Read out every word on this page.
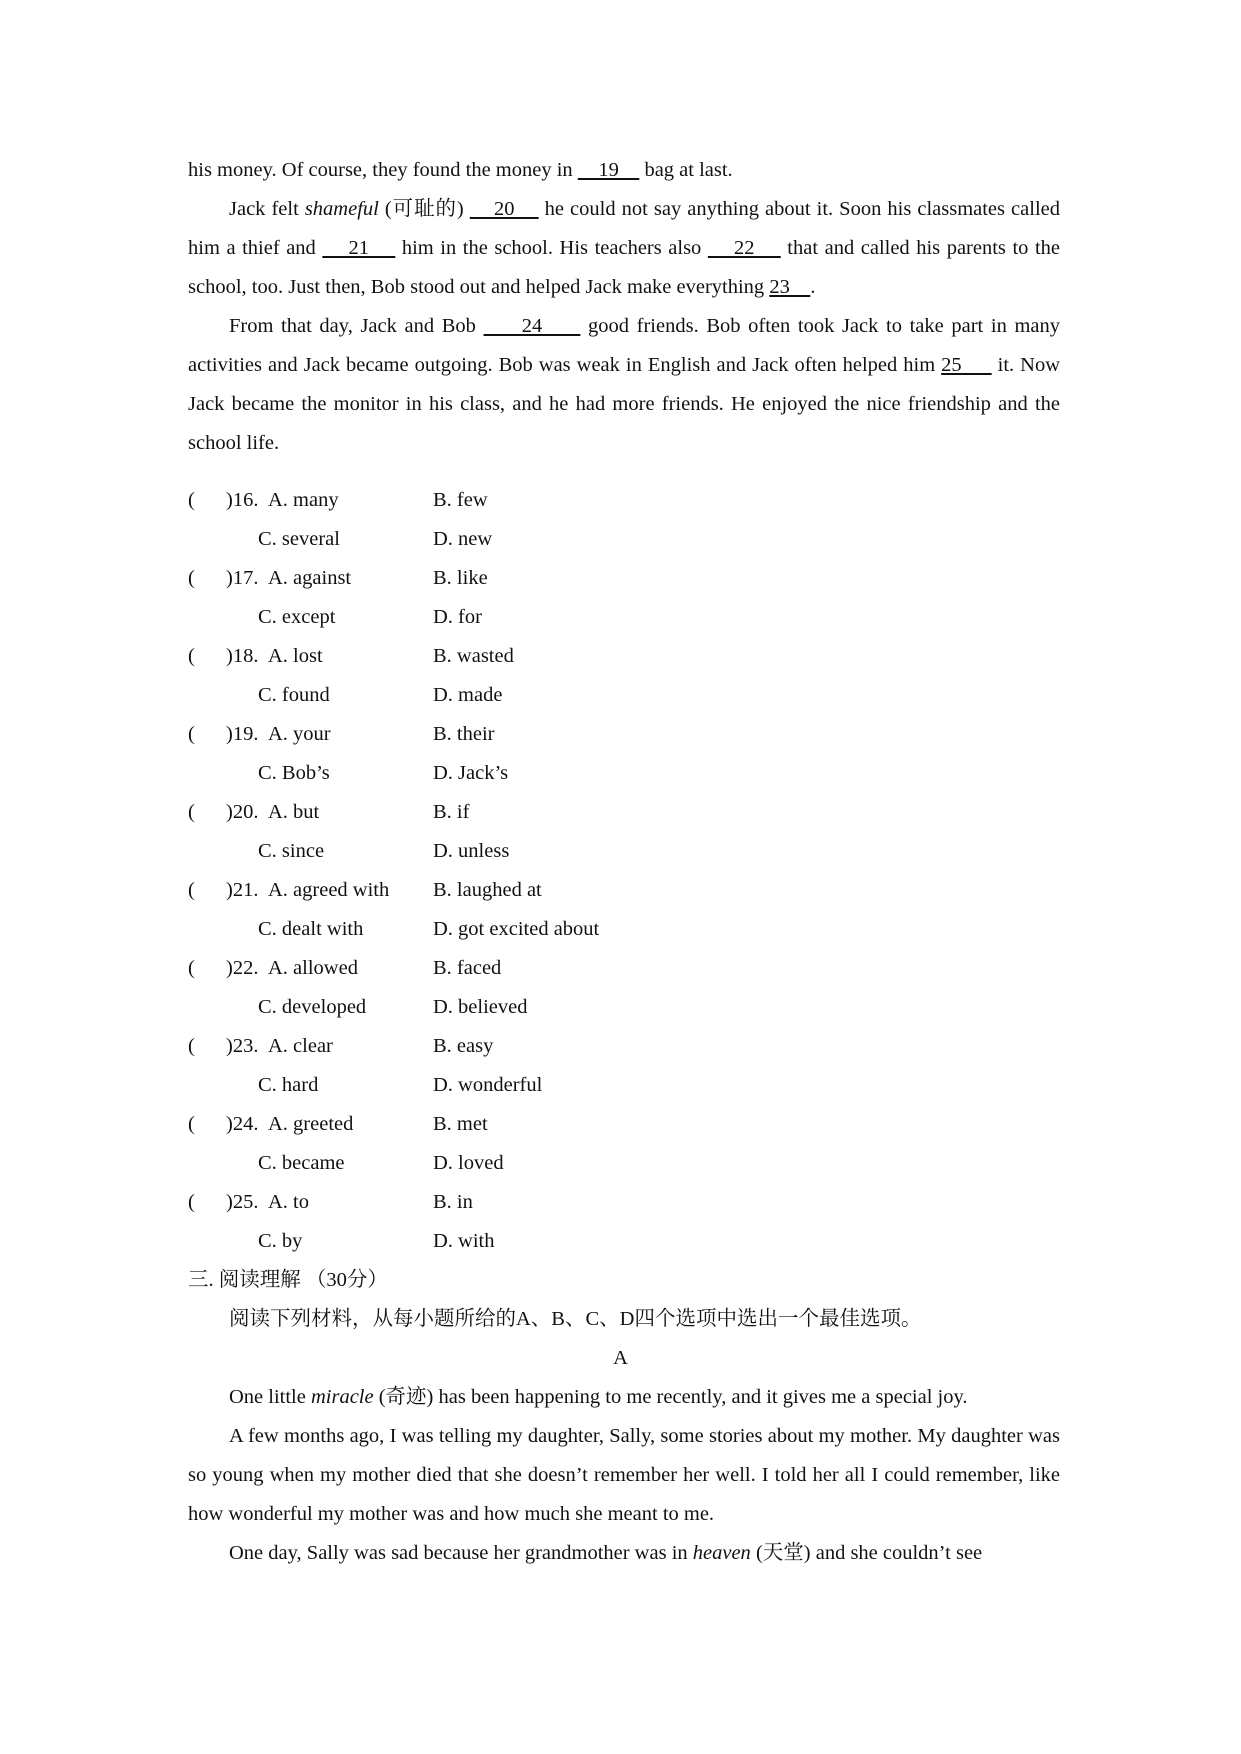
his money. Of course, they found the money in     19     bag at last.

Jack felt shameful (可耻的)     20     he could not say anything about it. Soon his classmates called him a thief and     21     him in the school. His teachers also     22     that and called his parents to the school, too. Just then, Bob stood out and helped Jack make everything 23    .

From that day, Jack and Bob      24      good friends. Bob often took Jack to take part in many activities and Jack became outgoing. Bob was weak in English and Jack often helped him 25      it. Now Jack became the monitor in his class, and he had more friends. He enjoyed the nice friendship and the school life.

( )16. A. many	B. few
C. several	D. new
( )17. A. against	B. like
C. except	D. for
( )18. A. lost	B. wasted
C. found	D. made
( )19. A. your	B. their
C. Bob’s	D. Jack’s
( )20. A. but	B. if
C. since	D. unless
( )21. A. agreed with B. laughed at
C. dealt with	D. got excited about
( )22. A. allowed	B. faced
C. developed	D. believed
( )23. A. clear	B. easy
C. hard	D. wonderful
( )24. A. greeted	B. met
C. became	D. loved
( )25. A. to	B. in
C. by	D. with
三. 阅读理解 （30分）
阅读下列材料，从每小题所给的A、B、C、D四个选项中选出一个最佳选项。
A

One little miracle (奇迹) has been happening to me recently, and it gives me a special joy.

A few months ago, I was telling my daughter, Sally, some stories about my mother. My daughter was so young when my mother died that she doesn’t remember her well. I told her all I could remember, like how wonderful my mother was and how much she meant to me.

One day, Sally was sad because her grandmother was in heaven (天堂) and she couldn’t see
